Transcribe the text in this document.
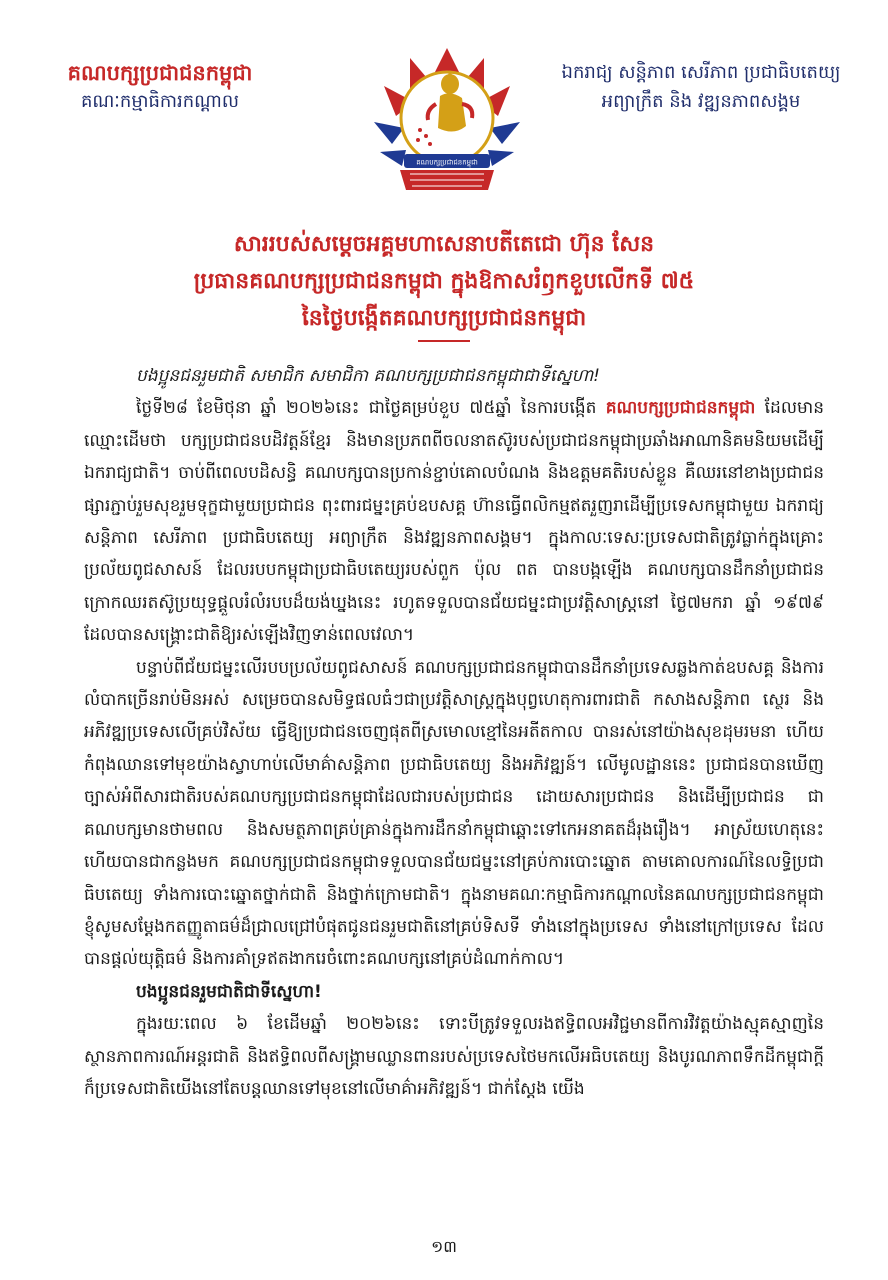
គណបក្សប្រជាជនកម្ពុជា
គណៈកម្មាធិការកណ្តាល
គណបក្សប្រជាជនកម្ពុជា
ឯករាជ្យ សន្តិភាព សេរីភាព ប្រជាធិបតេយ្យ
អព្យាក្រឹត និង វឌ្ឍនភាពសង្គម
សាររបស់សម្តេចអគ្គមហាសេនាបតីតេជោ ហ៊ុន សែន
ប្រធានគណបក្សប្រជាជនកម្ពុជា ក្នុងឱកាសរំឭកខួបលើកទី ៧៥
នៃថ្ងៃបង្កើតគណបក្សប្រជាជនកម្ពុជា
បងប្អូនជនរួមជាតិ សមាជិក សមាជិកា គណបក្សប្រជាជនកម្ពុជាជាទីស្នេហា!

ថ្ងៃទី២៨ ខែមិថុនា ឆ្នាំ ២០២៦នេះ ជាថ្ងៃគម្រប់ខួប ៧៥ឆ្នាំ នៃការបង្កើត គណបក្សប្រជាជនកម្ពុជា ដែលមានឈ្មោះដើមថា បក្សប្រជាជនបដិវត្តន៍ខ្មែរ និងមានប្រភពពីចលនាតស៊ូរបស់ប្រជាជនកម្ពុជាប្រឆាំងអាណានិគមនិយមដើម្បីឯករាជ្យជាតិ។ ចាប់ពីពេលបដិសន្ធិ គណបក្សបានប្រកាន់ខ្ជាប់គោលបំណង និងឧត្តមគតិរបស់ខ្លួន គឺឈរនៅខាងប្រជាជន ផ្សារភ្ជាប់រួមសុខរួមទុក្ខជាមួយប្រជាជន ពុះពារជម្នះគ្រប់ឧបសគ្គ ហ៊ានធ្វើពលិកម្មឥតរួញរាដើម្បីប្រទេសកម្ពុជាមួយ ឯករាជ្យ សន្តិភាព សេរីភាព ប្រជាធិបតេយ្យ អព្យាក្រឹត និងវឌ្ឍនភាពសង្គម។ ក្នុងកាលៈទេសៈប្រទេសជាតិត្រូវធ្លាក់ក្នុងគ្រោះប្រល័យពូជសាសន៍ ដែលរបបកម្ពុជាប្រជាធិបតេយ្យរបស់ពួក ប៉ុល ពត បានបង្កឡើង គណបក្សបានដឹកនាំប្រជាជនក្រោកឈរតស៊ូប្រយុទ្ធផ្តួលរំលំរបបដ៏យង់ឃ្នងនេះ រហូតទទួលបានជ័យជម្នះជាប្រវត្តិសាស្ត្រនៅ ថ្ងៃ៧មករា ឆ្នាំ ១៩៧៩ ដែលបានសង្គ្រោះជាតិឱ្យរស់ឡើងវិញទាន់ពេលវេលា។

បន្ទាប់ពីជ័យជម្នះលើរបបប្រល័យពូជសាសន៍ គណបក្សប្រជាជនកម្ពុជាបានដឹកនាំប្រទេសឆ្លងកាត់ឧបសគ្គ និងការលំបាកច្រើនរាប់មិនអស់ សម្រេចបានសមិទ្ធផលធំៗជាប្រវត្តិសាស្ត្រក្នុងបុព្វហេតុការពារជាតិ កសាងសន្តិភាព ស្ថេរ និងអភិវឌ្ឍប្រទេសលើគ្រប់វិស័យ ធ្វើឱ្យប្រជាជនចេញផុតពីស្រមោលខ្មៅនៃអតីតកាល បានរស់នៅយ៉ាងសុខដុមរមនា ហើយកំពុងឈានទៅមុខយ៉ាងស្វាហាប់លើមាគ៌ាសន្តិភាព ប្រជាធិបតេយ្យ និងអភិវឌ្ឍន៍។ លើមូលដ្ឋាននេះ ប្រជាជនបានឃើញច្បាស់អំពីសារជាតិរបស់គណបក្សប្រជាជនកម្ពុជាដែលជារបស់ប្រជាជន ដោយសារប្រជាជន និងដើម្បីប្រជាជន ជាគណបក្សមានថាមពល និងសមត្ថភាពគ្រប់គ្រាន់ក្នុងការដឹកនាំកម្ពុជាឆ្ពោះទៅកេអនាគតដ៏រុងរឿង។ អាស្រ័យហេតុនេះហើយបានជាកន្លងមក គណបក្សប្រជាជនកម្ពុជាទទួលបានជ័យជម្នះនៅគ្រប់ការបោះឆ្នោត តាមគោលការណ៍នៃលទ្ធិប្រជាធិបតេយ្យ ទាំងការបោះឆ្នោតថ្នាក់ជាតិ និងថ្នាក់ក្រោមជាតិ។ ក្នុងនាមគណៈកម្មាធិការកណ្តាលនៃគណបក្សប្រជាជនកម្ពុជា ខ្ញុំសូមសម្តែងកតញ្ញូតាធម៌ដ៏ជ្រាលជ្រៅបំផុតជូនជនរួមជាតិនៅគ្រប់ទិសទី ទាំងនៅក្នុងប្រទេស ទាំងនៅក្រៅប្រទេស ដែលបានផ្តល់យុត្តិធម៌ និងការគាំទ្រឥតងាករេចំពោះគណបក្សនៅគ្រប់ដំណាក់កាល។

បងប្អូនជនរួមជាតិជាទីស្នេហា!

ក្នុងរយៈពេល ៦ ខែដើមឆ្នាំ ២០២៦នេះ ទោះបីត្រូវទទួលរងឥទ្ធិពលអវិជ្ជមានពីការវិវត្តយ៉ាងស្មុគស្មាញនៃស្ថានភាពការណ៍អន្តរជាតិ និងឥទ្ធិពលពីសង្គ្រាមឈ្លានពានរបស់ប្រទេសថៃមកលើអធិបតេយ្យ និងបូរណភាពទឹកដីកម្ពុជាក្តី ក៏ប្រទេសជាតិយើងនៅតែបន្តឈានទៅមុខនៅលើមាគ៌ាអភិវឌ្ឍន៍។ ជាក់ស្តែង យើង

១៣
